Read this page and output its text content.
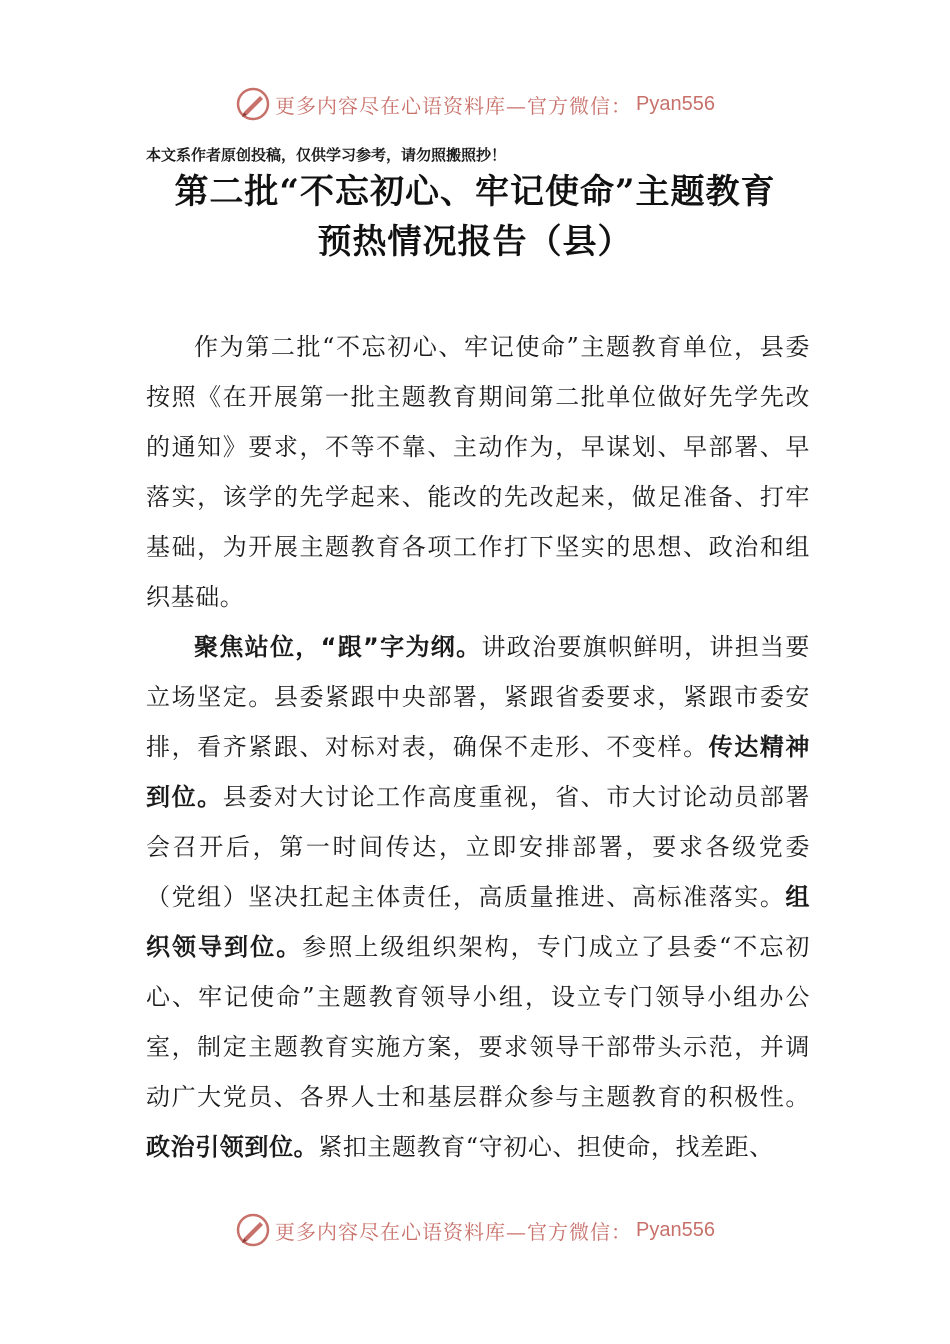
更多内容尽在心语资料库—官方微信： Pyan556
本文系作者原创投稿，仅供学习参考，请勿照搬照抄！
第二批“不忘初心、牢记使命”主题教育
预热情况报告（县）

作为第二批“不忘初心、牢记使命”主题教育单位，县委按照《在开展第一批主题教育期间第二批单位做好先学先改的通知》要求，不等不靠、主动作为，早谋划、早部署、早落实，该学的先学起来、能改的先改起来，做足准备、打牢基础，为开展主题教育各项工作打下坚实的思想、政治和组织基础。

聚焦站位，“跟”字为纲。讲政治要旗帜鲜明，讲担当要立场坚定。县委紧跟中央部署，紧跟省委要求，紧跟市委安排，看齐紧跟、对标对表，确保不走形、不变样。传达精神到位。县委对大讨论工作高度重视，省、市大讨论动员部署会召开后，第一时间传达，立即安排部署，要求各级党委（党组）坚决扛起主体责任，高质量推进、高标准落实。组织领导到位。参照上级组织架构，专门成立了县委“不忘初心、牢记使命”主题教育领导小组，设立专门领导小组办公室，制定主题教育实施方案，要求领导干部带头示范，并调动广大党员、各界人士和基层群众参与主题教育的积极性。政治引领到位。紧扣主题教育“守初心、担使命，找差距、

更多内容尽在心语资料库—官方微信： Pyan556
